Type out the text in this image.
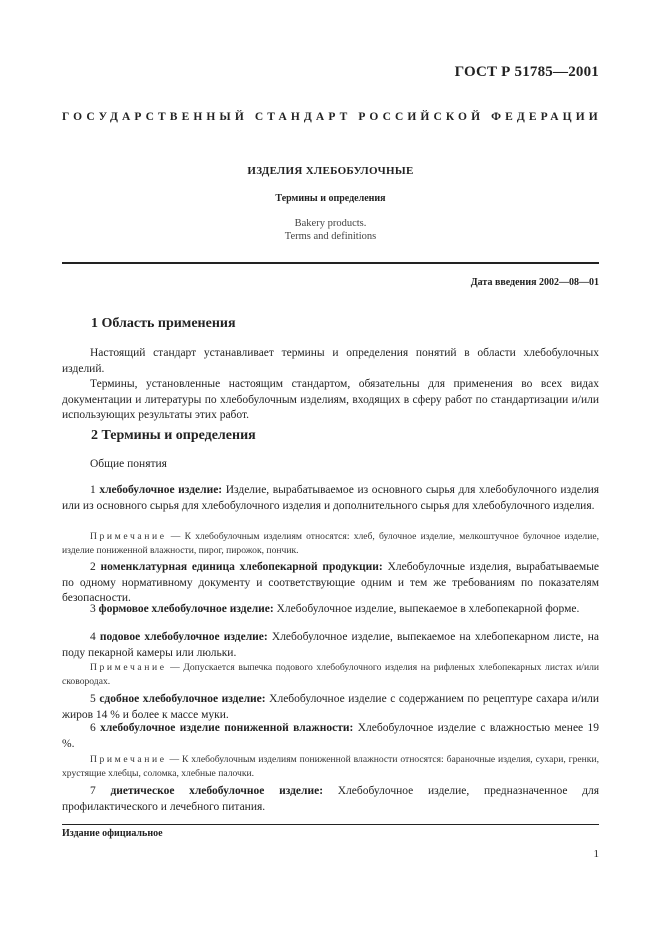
ГОСТ Р 51785—2001
ГОСУДАРСТВЕННЫЙ СТАНДАРТ РОССИЙСКОЙ ФЕДЕРАЦИИ
ИЗДЕЛИЯ ХЛЕБОБУЛОЧНЫЕ
Термины и определения
Bakery products.
Terms and definitions
Дата введения 2002—08—01
1 Область применения

Настоящий стандарт устанавливает термины и определения понятий в области хлебобулочных изделий.

Термины, установленные настоящим стандартом, обязательны для применения во всех видах документации и литературы по хлебобулочным изделиям, входящих в сферу работ по стандартизации и/или использующих результаты этих работ.

2 Термины и определения

Общие понятия

1 хлебобулочное изделие: Изделие, вырабатываемое из основного сырья для хлебобулочного изделия или из основного сырья для хлебобулочного изделия и дополнительного сырья для хлебобулочного изделия.

Примечание — К хлебобулочным изделиям относятся: хлеб, булочное изделие, мелкоштучное булочное изделие, изделие пониженной влажности, пирог, пирожок, пончик.

2 номенклатурная единица хлебопекарной продукции: Хлебобулочные изделия, вырабатываемые по одному нормативному документу и соответствующие одним и тем же требованиям по показателям безопасности.

3 формовое хлебобулочное изделие: Хлебобулочное изделие, выпекаемое в хлебопекарной форме.

4 подовое хлебобулочное изделие: Хлебобулочное изделие, выпекаемое на хлебопекарном листе, на поду пекарной камеры или люльки.

Примечание — Допускается выпечка подового хлебобулочного изделия на рифленых хлебопекарных листах и/или сковородах.

5 сдобное хлебобулочное изделие: Хлебобулочное изделие с содержанием по рецептуре сахара и/или жиров 14 % и более к массе муки.

6 хлебобулочное изделие пониженной влажности: Хлебобулочное изделие с влажностью менее 19 %.

Примечание — К хлебобулочным изделиям пониженной влажности относятся: бараночные изделия, сухари, гренки, хрустящие хлебцы, соломка, хлебные палочки.

7 диетическое хлебобулочное изделие: Хлебобулочное изделие, предназначенное для профилактического и лечебного питания.

Издание официальное
1
